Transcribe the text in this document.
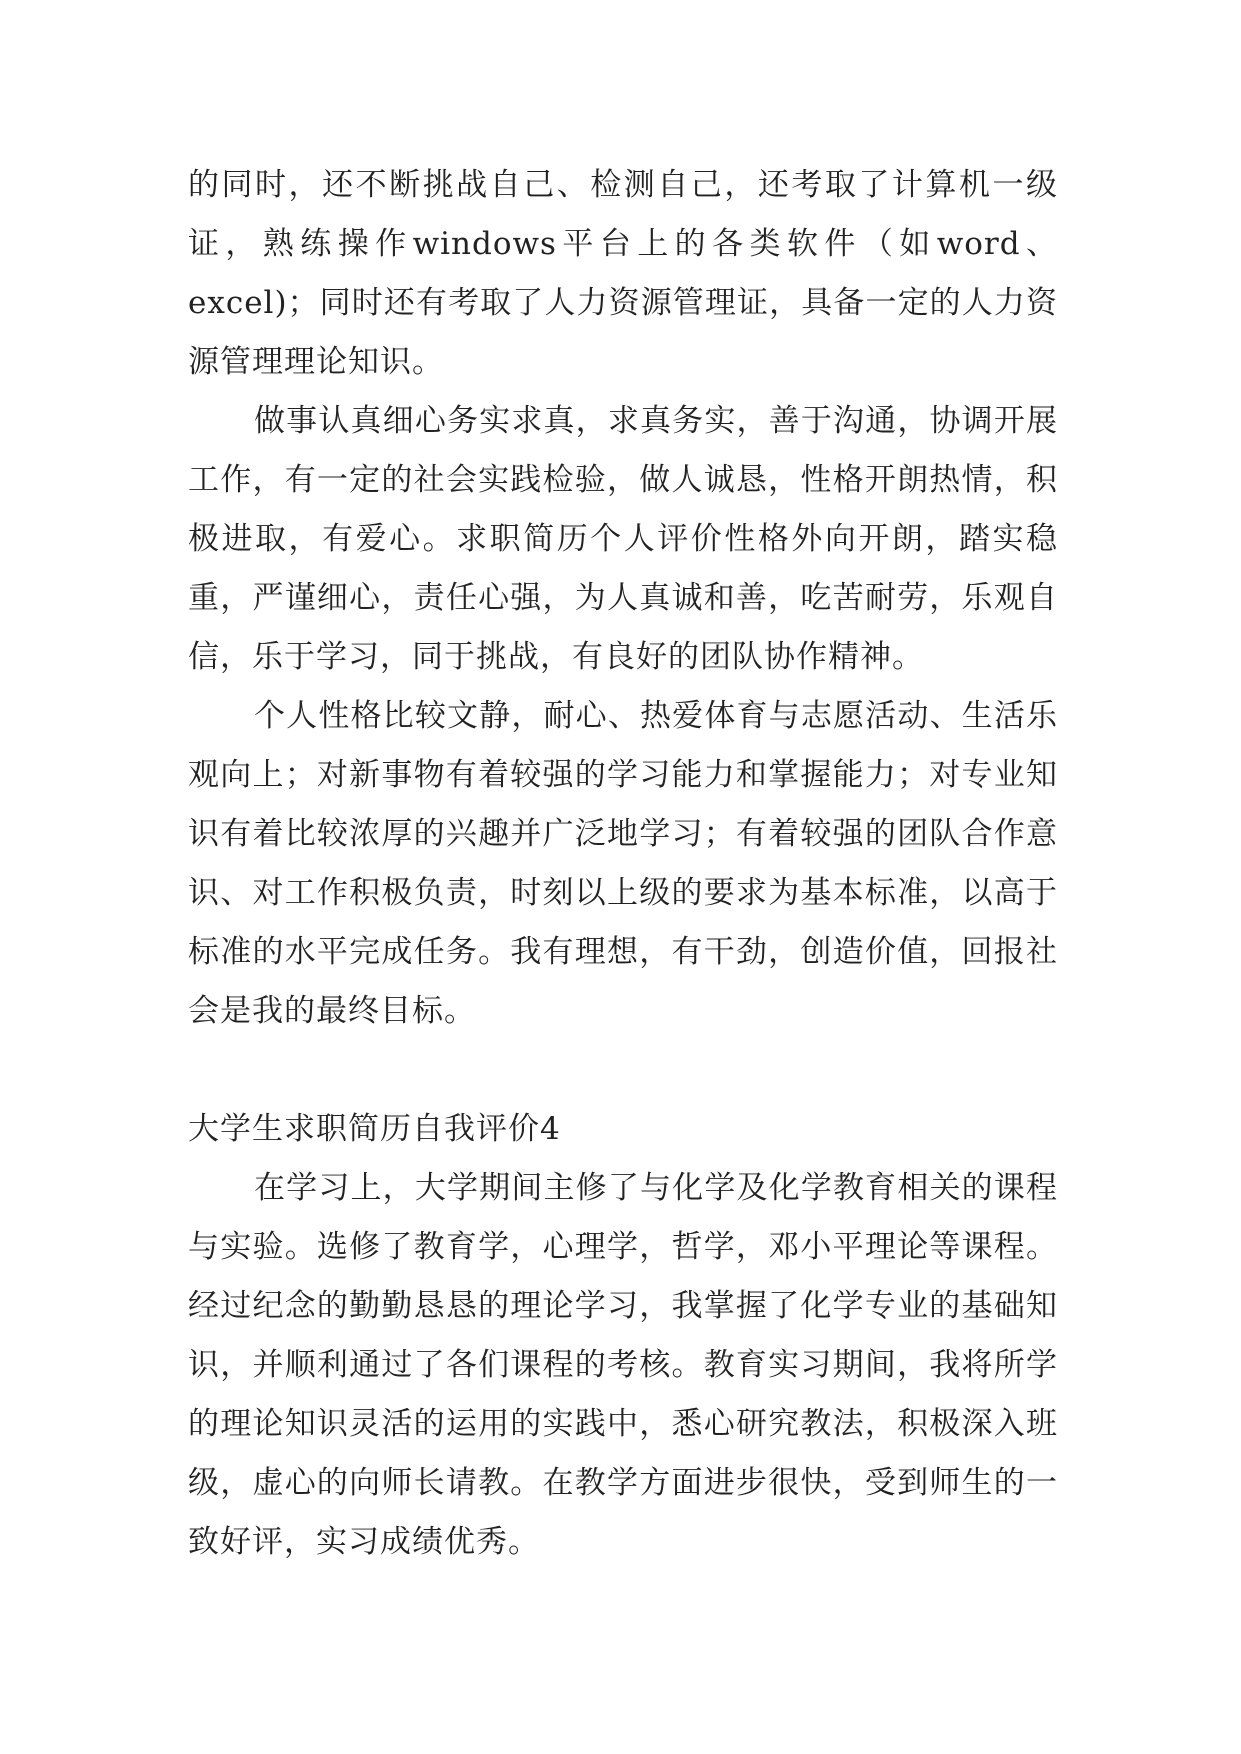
的同时，还不断挑战自己、检测自己，还考取了计算机一级证，熟练操作windows平台上的各类软件（如word、excel)；同时还有考取了人力资源管理证，具备一定的人力资源管理理论知识。

做事认真细心务实求真，求真务实，善于沟通，协调开展工作，有一定的社会实践检验，做人诚恳，性格开朗热情，积极进取，有爱心。求职简历个人评价性格外向开朗，踏实稳重，严谨细心，责任心强，为人真诚和善，吃苦耐劳，乐观自信，乐于学习，同于挑战，有良好的团队协作精神。

个人性格比较文静，耐心、热爱体育与志愿活动、生活乐观向上；对新事物有着较强的学习能力和掌握能力；对专业知识有着比较浓厚的兴趣并广泛地学习；有着较强的团队合作意识、对工作积极负责，时刻以上级的要求为基本标准，以高于标准的水平完成任务。我有理想，有干劲，创造价值，回报社会是我的最终目标。

大学生求职简历自我评价4

在学习上，大学期间主修了与化学及化学教育相关的课程与实验。选修了教育学，心理学，哲学，邓小平理论等课程。经过纪念的勤勤恳恳的理论学习，我掌握了化学专业的基础知识，并顺利通过了各们课程的考核。教育实习期间，我将所学的理论知识灵活的运用的实践中，悉心研究教法，积极深入班级，虚心的向师长请教。在教学方面进步很快，受到师生的一致好评，实习成绩优秀。
